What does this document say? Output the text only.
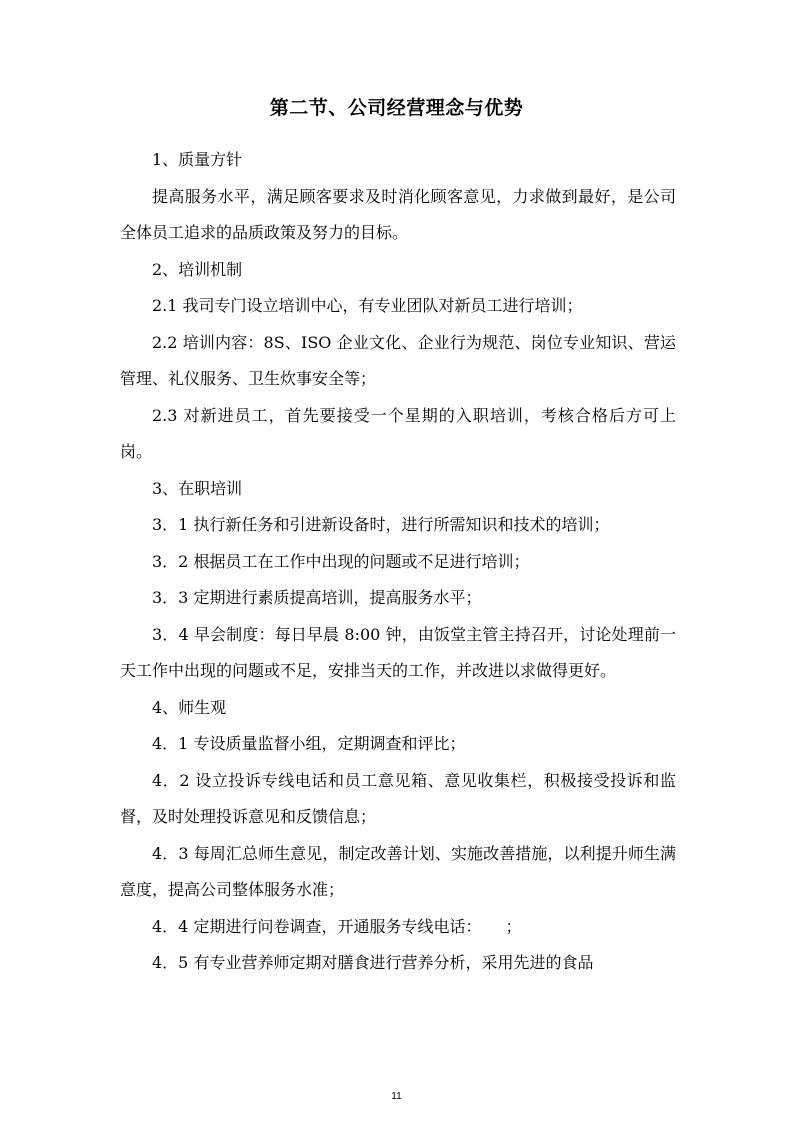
第二节、公司经营理念与优势

1、质量方针

提高服务水平，满足顾客要求及时消化顾客意见，力求做到最好，是公司全体员工追求的品质政策及努力的目标。

2、培训机制

2.1 我司专门设立培训中心，有专业团队对新员工进行培训；

2.2 培训内容：8S、ISO 企业文化、企业行为规范、岗位专业知识、营运管理、礼仪服务、卫生炊事安全等；

2.3 对新进员工，首先要接受一个星期的入职培训，考核合格后方可上岗。

3、在职培训

3．1 执行新任务和引进新设备时，进行所需知识和技术的培训；

3．2 根据员工在工作中出现的问题或不足进行培训；

3．3 定期进行素质提高培训，提高服务水平；

3．4 早会制度：每日早晨 8:00 钟，由饭堂主管主持召开，讨论处理前一天工作中出现的问题或不足，安排当天的工作，并改进以求做得更好。

4、师生观

4．1 专设质量监督小组，定期调查和评比；

4．2 设立投诉专线电话和员工意见箱、意见收集栏，积极接受投诉和监督，及时处理投诉意见和反馈信息；

4．3 每周汇总师生意见，制定改善计划、实施改善措施，以利提升师生满意度，提高公司整体服务水准；

4．4 定期进行问卷调查，开通服务专线电话：　　；

4．5 有专业营养师定期对膳食进行营养分析，采用先进的食品

11
